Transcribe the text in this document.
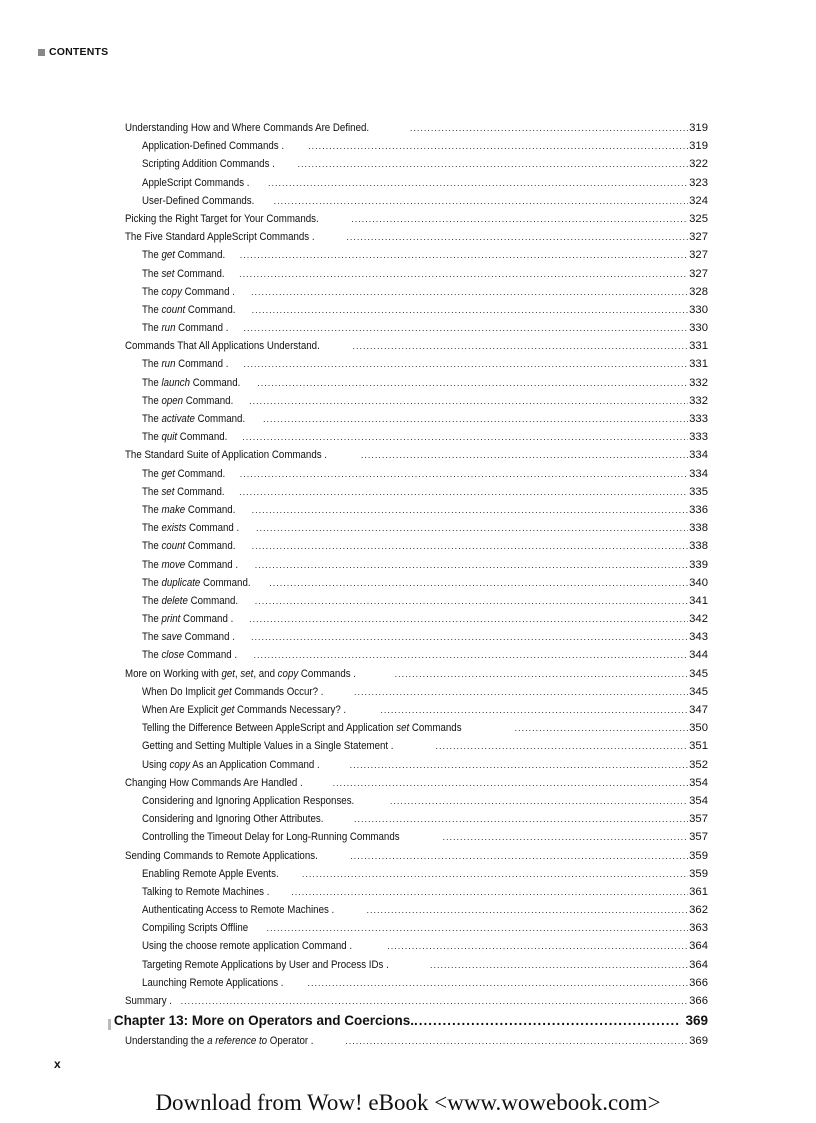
CONTENTS
Understanding How and Where Commands Are Defined. .....	319
Application-Defined Commands . .....	319
Scripting Addition Commands . .....	322
AppleScript Commands . .....	323
User-Defined Commands. .....	324
Picking the Right Target for Your Commands. .....	325
The Five Standard AppleScript Commands . .....	327
The get Command. .....	327
The set Command. .....	327
The copy Command . .....	328
The count Command. .....	330
The run Command . .....	330
Commands That All Applications Understand. .....	331
The run Command . .....	331
The launch Command. .....	332
The open Command. .....	332
The activate Command. .....	333
The quit Command. .....	333
The Standard Suite of Application Commands . .....	334
The get Command. .....	334
The set Command. .....	335
The make Command. .....	336
The exists Command . .....	338
The count Command. .....	338
The move Command . .....	339
The duplicate Command. .....	340
The delete Command. .....	341
The print Command . .....	342
The save Command . .....	343
The close Command . .....	344
More on Working with get, set, and copy Commands . .....	345
When Do Implicit get Commands Occur? . .....	345
When Are Explicit get Commands Necessary? . .....	347
Telling the Difference Between AppleScript and Application set Commands .....	350
Getting and Setting Multiple Values in a Single Statement . .....	351
Using copy As an Application Command . .....	352
Changing How Commands Are Handled . .....	354
Considering and Ignoring Application Responses. .....	354
Considering and Ignoring Other Attributes. .....	357
Controlling the Timeout Delay for Long-Running Commands .....	357
Sending Commands to Remote Applications. .....	359
Enabling Remote Apple Events. .....	359
Talking to Remote Machines . .....	361
Authenticating Access to Remote Machines . .....	362
Compiling Scripts Offline .....	363
Using the choose remote application Command . .....	364
Targeting Remote Applications by User and Process IDs . .....	364
Launching Remote Applications . .....	366
Summary . .....	366
Chapter 13: More on Operators and Coercions. .....	369
Understanding the a reference to Operator . .....	369
x
Download from Wow! eBook <www.wowebook.com>
